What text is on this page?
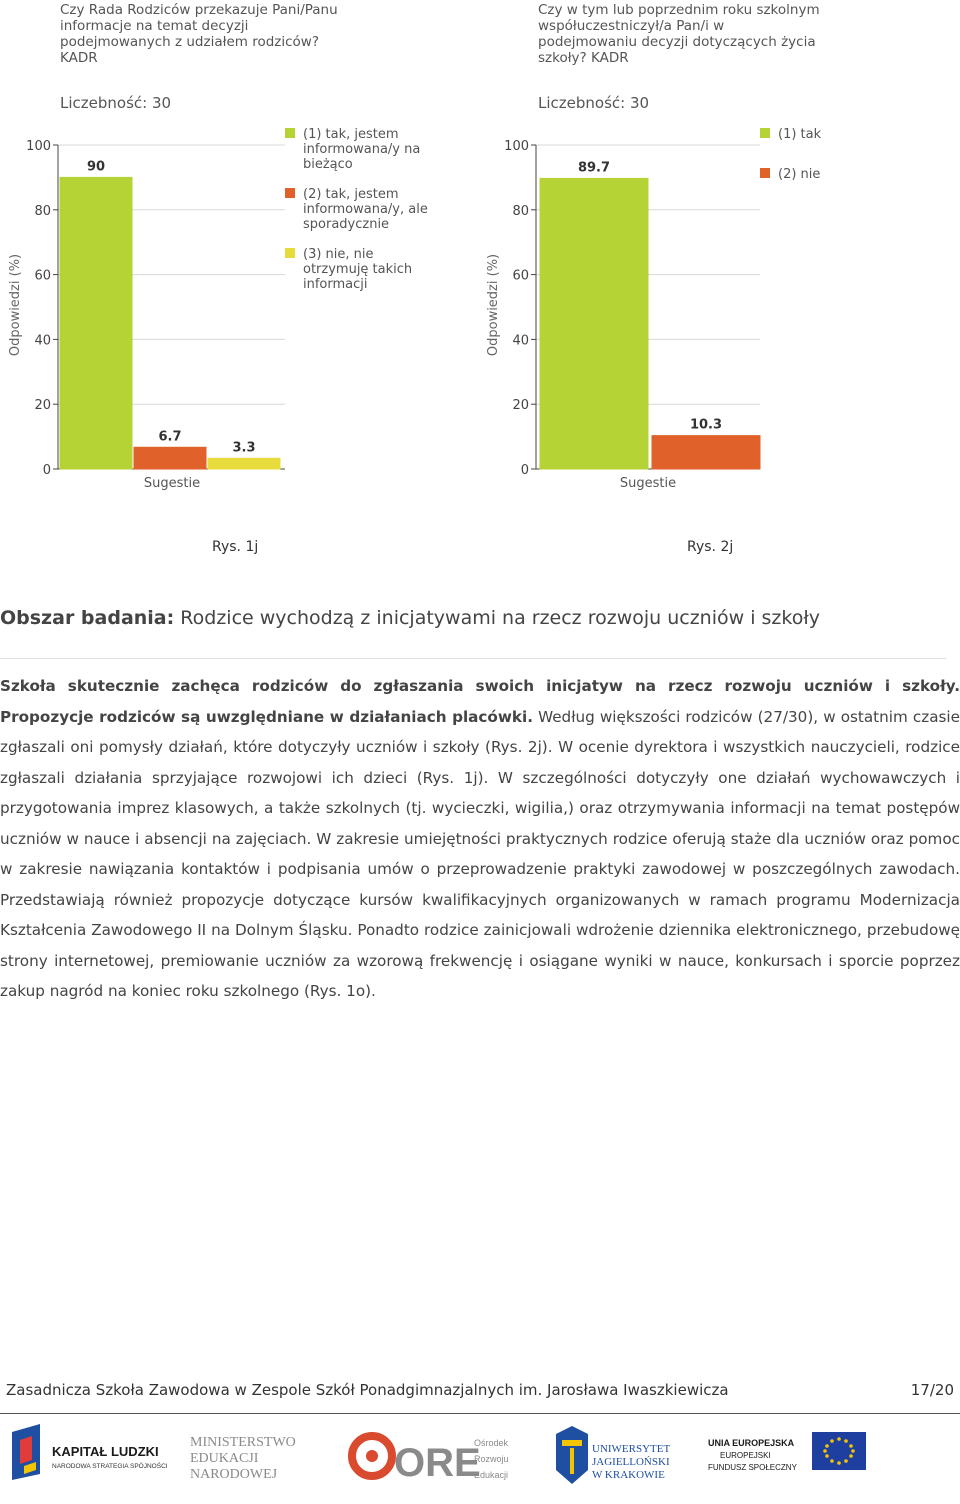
Czy Rada Rodziców przekazuje Pani/Panu
informacje na temat decyzji
podejmowanych z udziałem rodziców?
KADR
Liczebność: 30
0
20
40
60
80
100
Odpowiedzi (%)
Sugestie
90
6.7
3.3
(1) tak, jestem
informowana/y na
bieżąco
(2) tak, jestem
informowana/y, ale
sporadycznie
(3) nie, nie
otrzymuję takich
informacji
Czy w tym lub poprzednim roku szkolnym
współuczestniczył/a Pan/i w
podejmowaniu decyzji dotyczących życia
szkoły? KADR
Liczebność: 30
0
20
40
60
80
100
Odpowiedzi (%)
Sugestie
89.7
10.3
(1) tak
(2) nie
Rys. 1j	Rys. 2j
Obszar badania: Rodzice wychodzą z inicjatywami na rzecz rozwoju uczniów i szkoły
Szkoła skutecznie zachęca rodziców do zgłaszania swoich inicjatyw na rzecz rozwoju uczniów i szkoły. Propozycje rodziców są uwzględniane w działaniach placówki. Według większości rodziców (27/30), w ostatnim czasie zgłaszali oni pomysły działań, które dotyczyły uczniów i szkoły (Rys. 2j). W ocenie dyrektora i wszystkich nauczycieli, rodzice zgłaszali działania sprzyjające rozwojowi ich dzieci (Rys. 1j). W szczególności dotyczyły one działań wychowawczych i przygotowania imprez klasowych, a także szkolnych (tj. wycieczki, wigilia,) oraz otrzymywania informacji na temat postępów uczniów w nauce i absencji na zajęciach. W zakresie umiejętności praktycznych rodzice oferują staże dla uczniów oraz pomoc w zakresie nawiązania kontaktów i podpisania umów o przeprowadzenie praktyki zawodowej w poszczególnych zawodach. Przedstawiają również propozycje dotyczące kursów kwalifikacyjnych organizowanych w ramach programu Modernizacja Kształcenia Zawodowego II na Dolnym Śląsku. Ponadto rodzice zainicjowali wdrożenie dziennika elektronicznego, przebudowę strony internetowej, premiowanie uczniów za wzorową frekwencję i osiągane wyniki w nauce, konkursach i sporcie poprzez zakup nagród na koniec roku szkolnego (Rys. 1o).
Zasadnicza Szkoła Zawodowa w Zespole Szkół Ponadgimnazjalnych im. Jarosława Iwaszkiewicza	17/20
KAPITAŁ LUDZKI
NARODOWA STRATEGIA SPÓJNOŚCI
MINISTERSTWO
EDUKACJI
NARODOWEJ	ORE
Ośrodek
Rozwoju
Edukacji
UNIWERSYTET
JAGIELLOŃSKI
W KRAKOWIE
UNIA EUROPEJSKA
EUROPEJSKI
FUNDUSZ SPOŁECZNY
